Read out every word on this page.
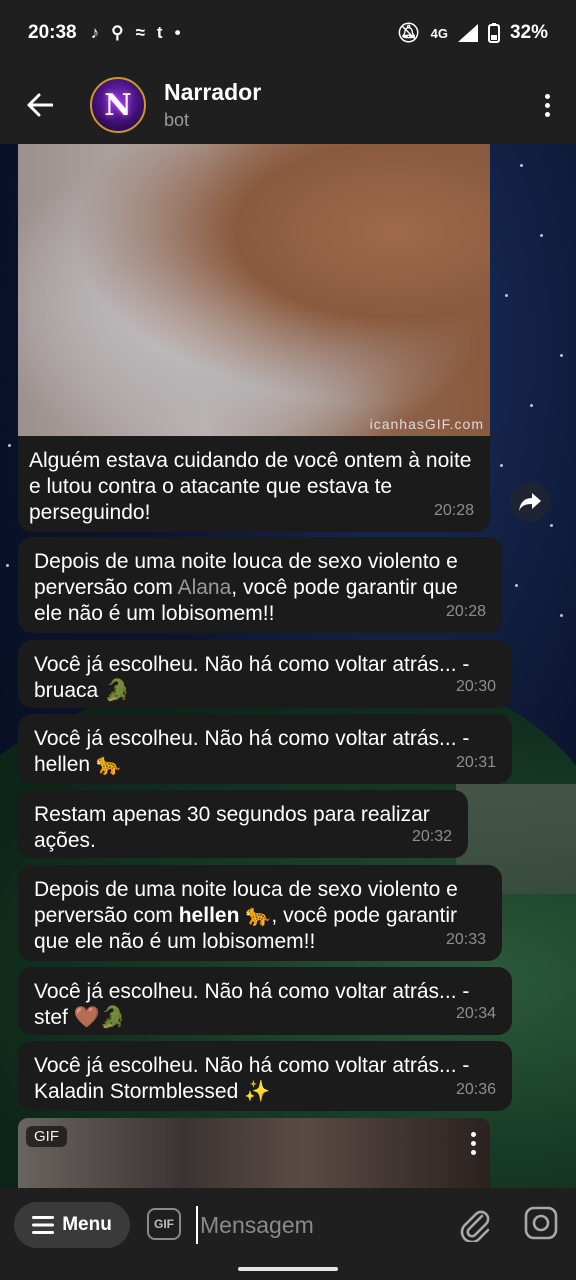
20:38 ♪ ⚲ ≈ t •	🔕︎ 4G	32%
N	Narrador
bot
icanhasGIF.com
Alguém estava cuidando de você ontem à noite e lutou contra o atacante que estava te perseguindo!	20:28
Depois de uma noite louca de sexo violento e perversão com Alana, você pode garantir que ele não é um lobisomem!!	20:28
Você já escolheu. Não há como voltar atrás... - bruaca 🐊	20:30
Você já escolheu. Não há como voltar atrás... - hellen 🐆	20:31
Restam apenas 30 segundos para realizar ações.	20:32
Depois de uma noite louca de sexo violento e perversão com hellen 🐆, você pode garantir que ele não é um lobisomem!!	20:33
Você já escolheu. Não há como voltar atrás... - stef 🤎🐊	20:34
Você já escolheu. Não há como voltar atrás... - Kaladin Stormblessed ✨	20:36
GIF
Menu	GIF
Mensagem
